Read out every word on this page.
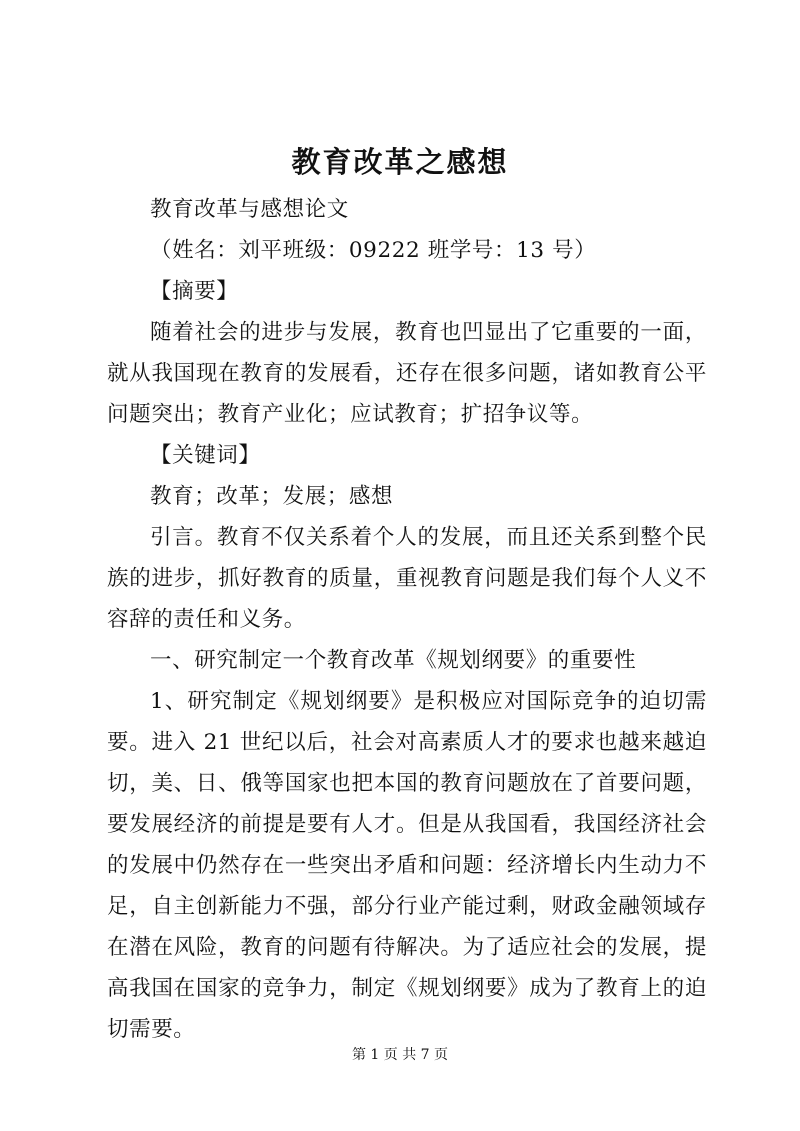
教育改革之感想

教育改革与感想论文

（姓名：刘平班级：09222 班学号：13 号）

【摘要】

随着社会的进步与发展，教育也凹显出了它重要的一面，就从我国现在教育的发展看，还存在很多问题，诸如教育公平问题突出；教育产业化；应试教育；扩招争议等。

【关键词】

教育；改革；发展；感想

引言。教育不仅关系着个人的发展，而且还关系到整个民族的进步，抓好教育的质量，重视教育问题是我们每个人义不容辞的责任和义务。

一、研究制定一个教育改革《规划纲要》的重要性

1、研究制定《规划纲要》是积极应对国际竞争的迫切需要。进入 21 世纪以后，社会对高素质人才的要求也越来越迫切，美、日、俄等国家也把本国的教育问题放在了首要问题，要发展经济的前提是要有人才。但是从我国看，我国经济社会的发展中仍然存在一些突出矛盾和问题：经济增长内生动力不足，自主创新能力不强，部分行业产能过剩，财政金融领域存在潜在风险，教育的问题有待解决。为了适应社会的发展，提高我国在国家的竞争力，制定《规划纲要》成为了教育上的迫切需要。

第 1 页 共 7 页
